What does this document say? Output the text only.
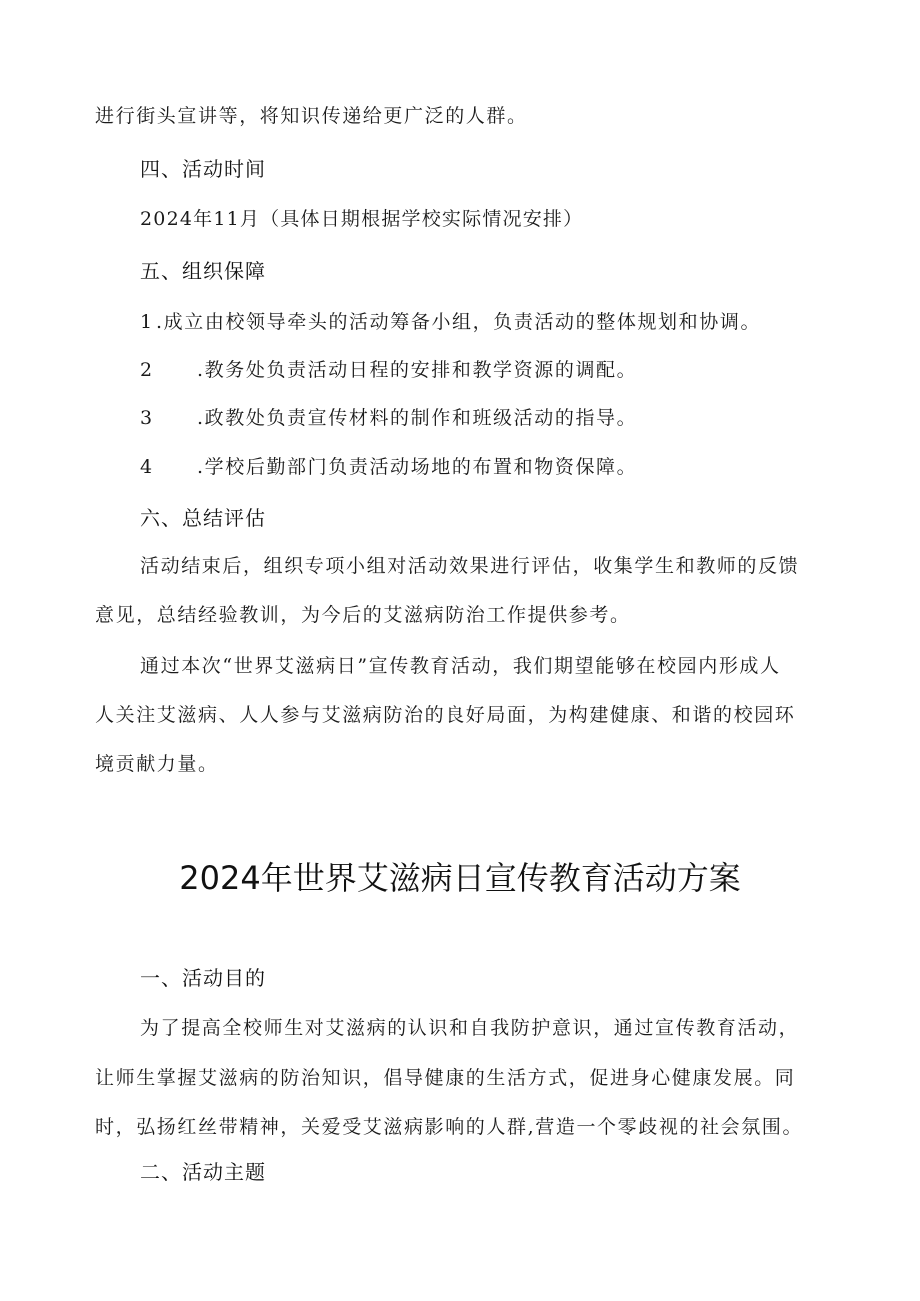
进行街头宣讲等，将知识传递给更广泛的人群。
四、活动时间
2024年11月（具体日期根据学校实际情况安排）
五、组织保障
1 .成立由校领导牵头的活动筹备小组，负责活动的整体规划和协调。
2 .教务处负责活动日程的安排和教学资源的调配。
3 .政教处负责宣传材料的制作和班级活动的指导。
4 .学校后勤部门负责活动场地的布置和物资保障。
六、总结评估
活动结束后，组织专项小组对活动效果进行评估，收集学生和教师的反馈
意见，总结经验教训，为今后的艾滋病防治工作提供参考。
通过本次“世界艾滋病日”宣传教育活动，我们期望能够在校园内形成人
人关注艾滋病、人人参与艾滋病防治的良好局面，为构建健康、和谐的校园环
境贡献力量。
2024年世界艾滋病日宣传教育活动方案
一、活动目的
为了提高全校师生对艾滋病的认识和自我防护意识，通过宣传教育活动，
让师生掌握艾滋病的防治知识，倡导健康的生活方式，促进身心健康发展。同
时，弘扬红丝带精神，关爱受艾滋病影响的人群,营造一个零歧视的社会氛围。
二、活动主题
